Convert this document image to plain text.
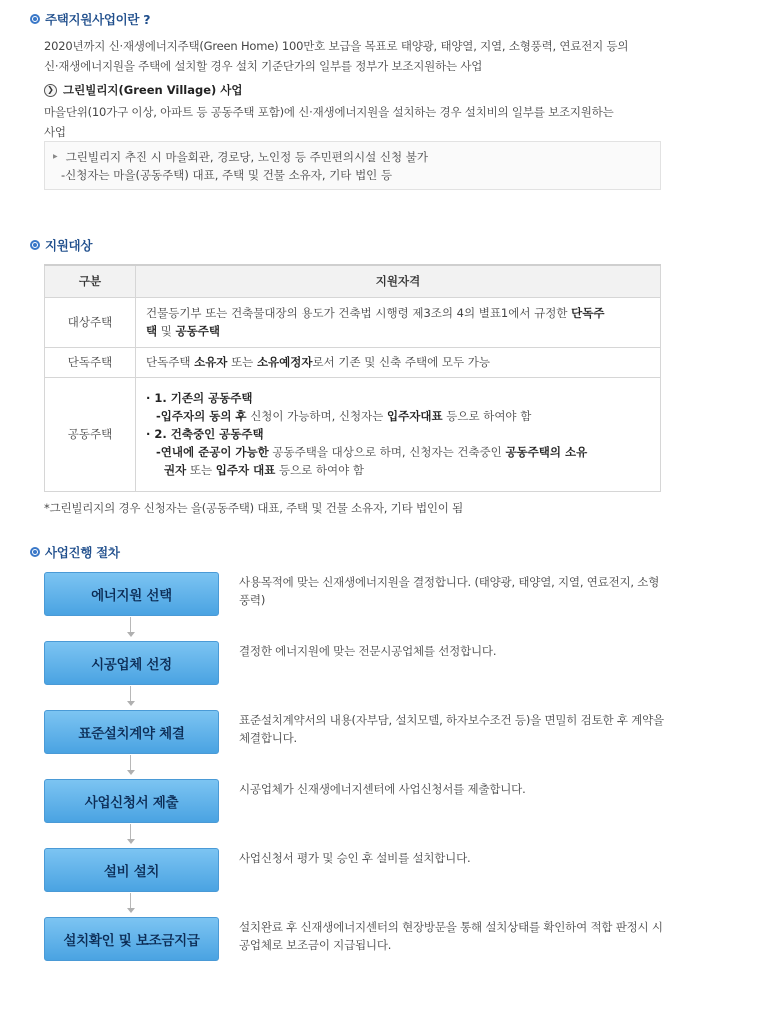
주택지원사업이란 ?
2020년까지 신·재생에너지주택(Green Home) 100만호 보급을 목표로 태양광, 태양열, 지열, 소형풍력, 연료전지 등의
신·재생에너지원을 주택에 설치할 경우 설치 기준단가의 일부를 정부가 보조지원하는 사업
❯ 그린빌리지(Green Village) 사업
마을단위(10가구 이상, 아파트 등 공동주택 포함)에 신·재생에너지원을 설치하는 경우 설치비의 일부를 보조지원하는
사업
▶ 그린빌리지 추진 시 마을회관, 경로당, 노인정 등 주민편의시설 신청 불가
-신청자는 마을(공동주택) 대표, 주택 및 건물 소유자, 기타 법인 등
지원대상
구분	지원자격
대상주택	건물등기부 또는 건축물대장의 용도가 건축법 시행령 제3조의 4의 별표1에서 규정한 단독주
택 및 공동주택
단독주택	단독주택 소유자 또는 소유예정자로서 기존 및 신축 주택에 모두 가능
공동주택	· 1. 기존의 공동주택
-입주자의 동의 후 신청이 가능하며, 신청자는 입주자대표 등으로 하여야 함
· 2. 건축중인 공동주택
-연내에 준공이 가능한 공동주택을 대상으로 하며, 신청자는 건축중인 공동주택의 소유
권자 또는 입주자 대표 등으로 하여야 함
*그린빌리지의 경우 신청자는 을(공동주택) 대표, 주택 및 건물 소유자, 기타 법인이 됨
사업진행 절차
에너지원 선택
사용목적에 맞는 신재생에너지원을 결정합니다. (태양광, 태양열, 지열, 연료전지, 소형풍력)
시공업체 선정
결정한 에너지원에 맞는 전문시공업체를 선정합니다.
표준설치계약 체결
표준설치계약서의 내용(자부담, 설치모델, 하자보수조건 등)을 면밀히 검토한 후 계약을 체결합니다.
사업신청서 제출
시공업체가 신재생에너지센터에 사업신청서를 제출합니다.
설비 설치
사업신청서 평가 및 승인 후 설비를 설치합니다.
설치확인 및 보조금지급
설치완료 후 신재생에너지센터의 현장방문을 통해 설치상태를 확인하여 적합 판정시 시공업체로 보조금이 지급됩니다.
